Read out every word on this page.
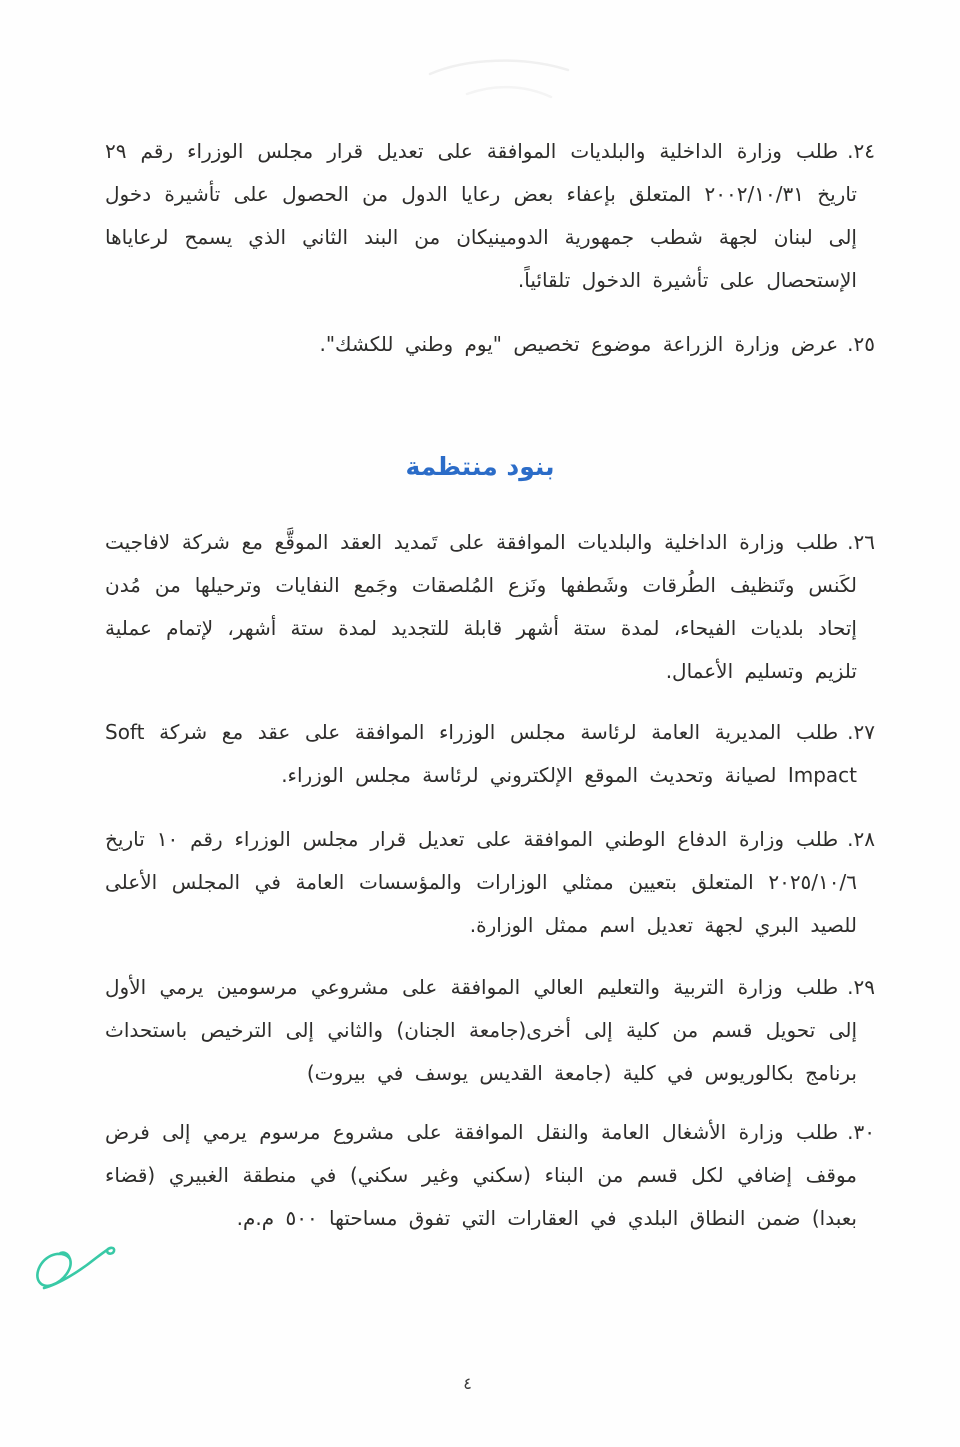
٢٤.طلب وزارة الداخلية والبلديات الموافقة على تعديل قرار مجلس الوزراء رقم ٢٩ تاريخ ٢٠٠٢/١٠/٣١ المتعلق بإعفاء بعض رعايا الدول من الحصول على تأشيرة دخول إلى لبنان لجهة شطب جمهورية الدومينيكان من البند الثاني الذي يسمح لرعاياها الإستحصال على تأشيرة الدخول تلقائياً.

٢٥.عرض وزارة الزراعة موضوع تخصيص "يوم وطني للكشك".

بنود منتظمة

٢٦.طلب وزارة الداخلية والبلديات الموافقة على تَمديد العقد الموقَّع مع شركة لافاجيت لكَنس وتَنظيف الطُرقات وشَطفها ونَزع المُلصقات وجَمع النفايات وترحيلها من مُدن إتحاد بلديات الفيحاء، لمدة ستة أشهر قابلة للتجديد لمدة ستة أشهر، لإتمام عملية تلزيم وتسليم الأعمال.

٢٧.طلب المديرية العامة لرئاسة مجلس الوزراء الموافقة على عقد مع شركة Soft Impact لصيانة وتحديث الموقع الإلكتروني لرئاسة مجلس الوزراء.

٢٨.طلب وزارة الدفاع الوطني الموافقة على تعديل قرار مجلس الوزراء رقم ١٠ تاريخ ٢٠٢٥/١٠/٦ المتعلق بتعيين ممثلي الوزارات والمؤسسات العامة في المجلس الأعلى للصيد البري لجهة تعديل اسم ممثل الوزارة.

٢٩.طلب وزارة التربية والتعليم العالي الموافقة على مشروعي مرسومين يرمي الأول إلى تحويل قسم من كلية إلى أخرى(جامعة الجنان) والثاني إلى الترخيص باستحداث برنامج بكالوريوس في كلية (جامعة القديس يوسف في بيروت)

٣٠.طلب وزارة الأشغال العامة والنقل الموافقة على مشروع مرسوم يرمي إلى فرض موقف إضافي لكل قسم من البناء (سكني وغير سكني) في منطقة الغبيري (قضاء بعبدا) ضمن النطاق البلدي في العقارات التي تفوق مساحتها ٥٠٠ م.م.

٤
